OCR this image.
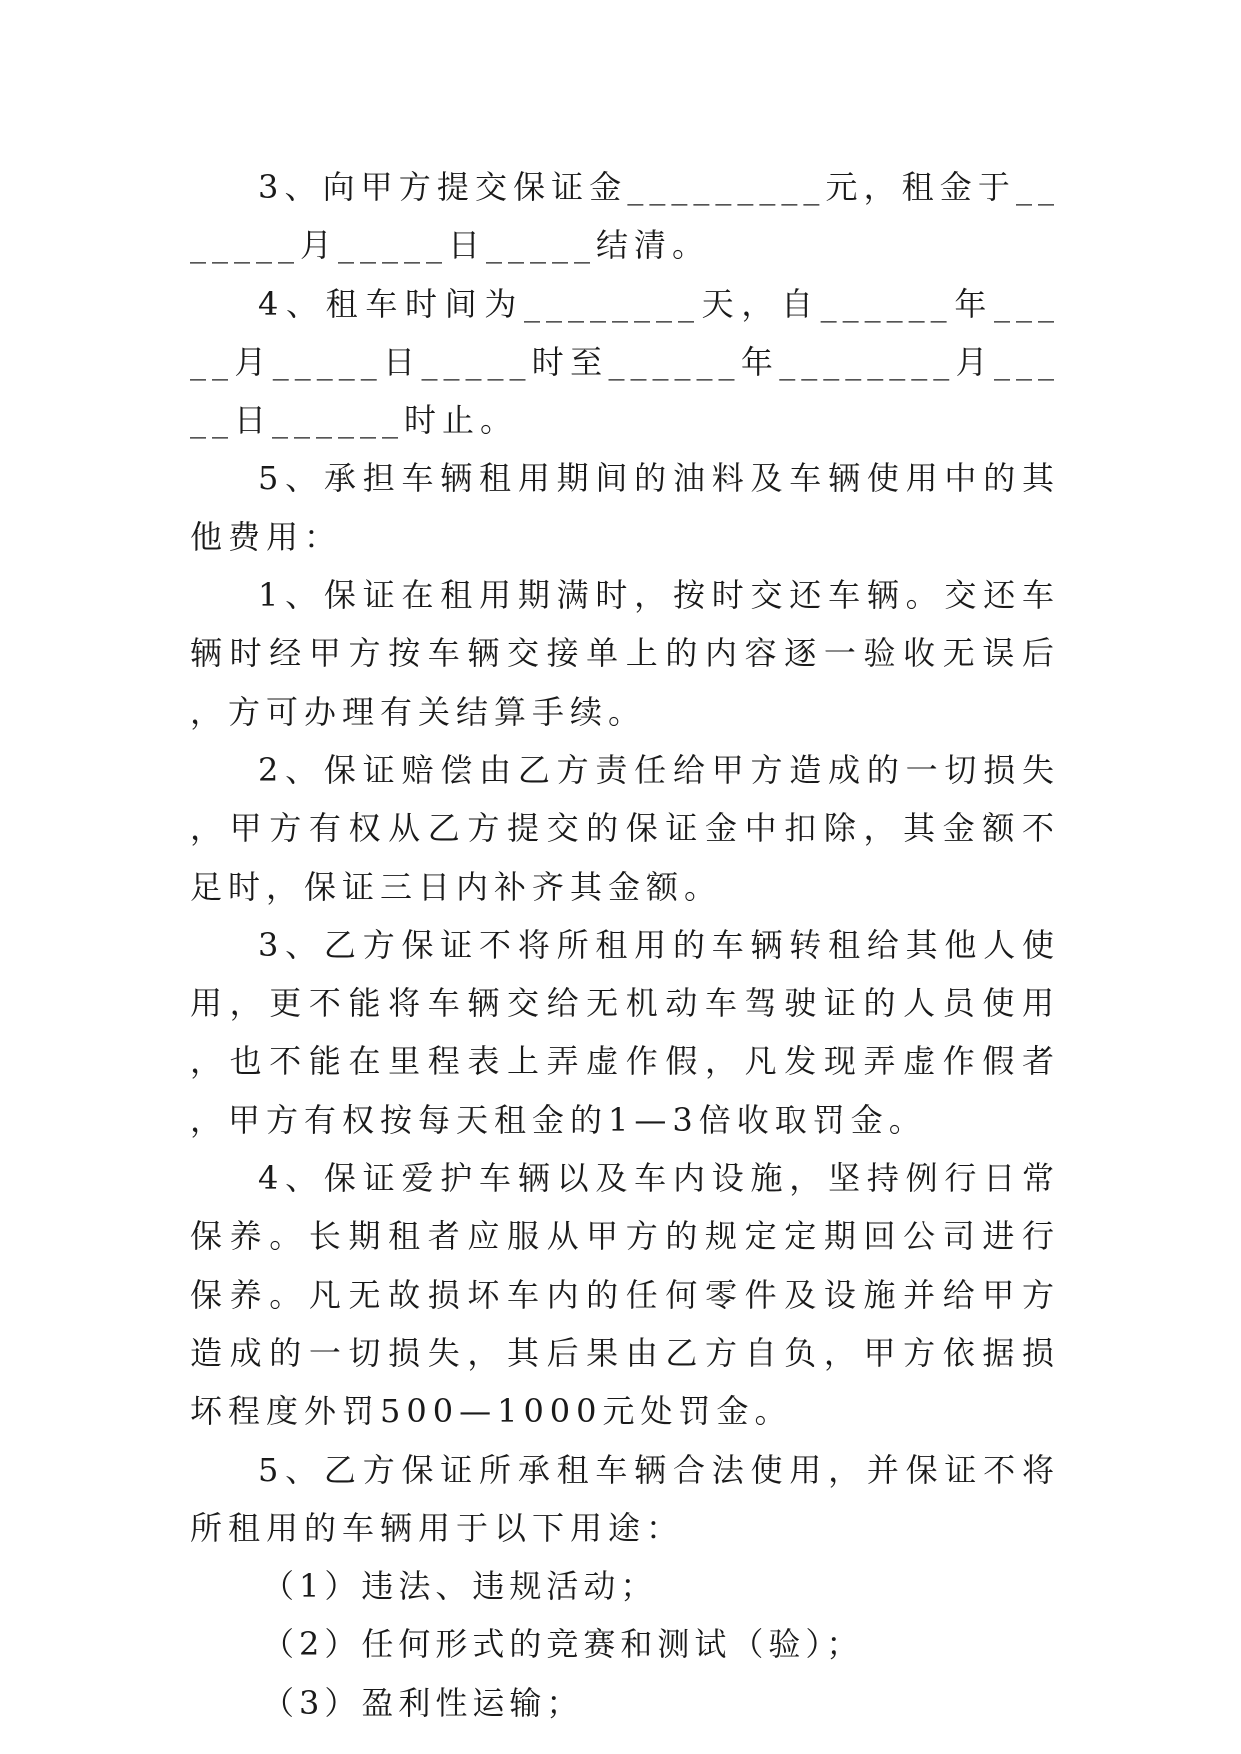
3、向甲方提交保证金_________元，租金于_______月_____日_____结清。

4、租车时间为________天，自______年_____月_____日_____时至______年________月_____日______时止。

5、承担车辆租用期间的油料及车辆使用中的其他费用：

1、保证在租用期满时，按时交还车辆。交还车辆时经甲方按车辆交接单上的内容逐一验收无误后，方可办理有关结算手续。

2、保证赔偿由乙方责任给甲方造成的一切损失，甲方有权从乙方提交的保证金中扣除，其金额不足时，保证三日内补齐其金额。

3、乙方保证不将所租用的车辆转租给其他人使用，更不能将车辆交给无机动车驾驶证的人员使用，也不能在里程表上弄虚作假，凡发现弄虚作假者，甲方有权按每天租金的1—3倍收取罚金。

4、保证爱护车辆以及车内设施，坚持例行日常保养。长期租者应服从甲方的规定定期回公司进行保养。凡无故损坏车内的任何零件及设施并给甲方造成的一切损失，其后果由乙方自负，甲方依据损坏程度外罚500—1000元处罚金。

5、乙方保证所承租车辆合法使用，并保证不将所租用的车辆用于以下用途：

（1）违法、违规活动；

（2）任何形式的竞赛和测试（验）；

（3）盈利性运输；
